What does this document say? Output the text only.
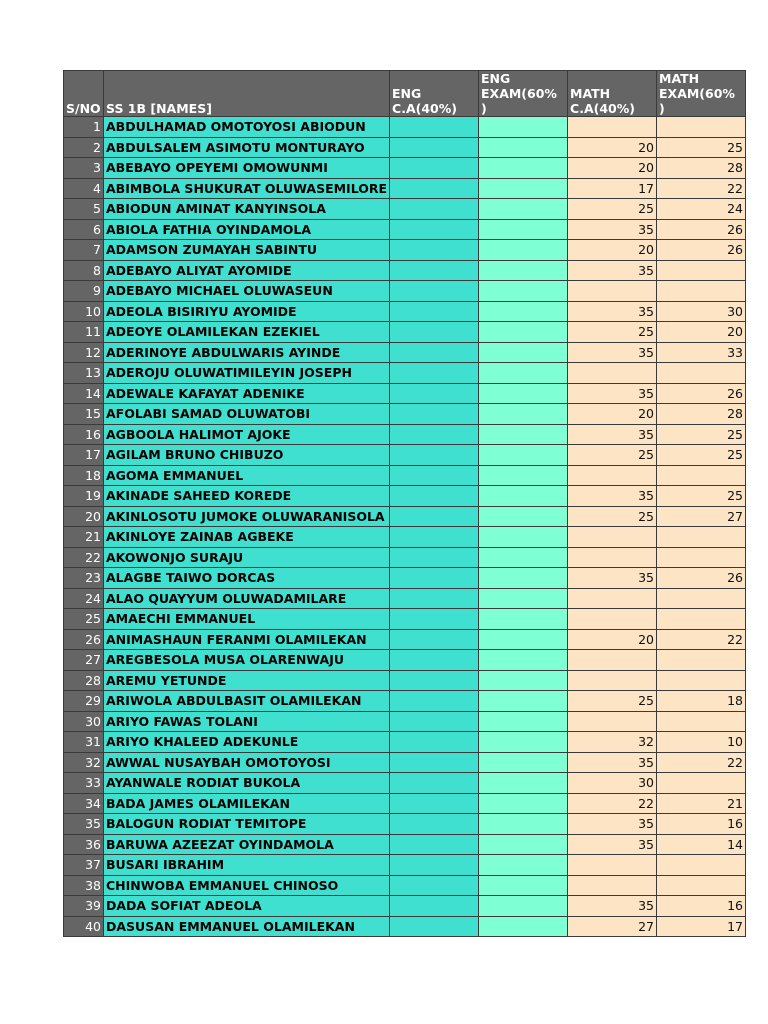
S/NO	SS 1B [NAMES]	ENG C.A(40%)	ENG EXAM(60% )	MATH C.A(40%)	MATH EXAM(60% )
1	ABDULHAMAD OMOTOYOSI ABIODUN				
2	ABDULSALEM ASIMOTU MONTURAYO			20	25
3	ABEBAYO OPEYEMI OMOWUNMI			20	28
4	ABIMBOLA SHUKURAT OLUWASEMILORE			17	22
5	ABIODUN AMINAT KANYINSOLA			25	24
6	ABIOLA FATHIA OYINDAMOLA			35	26
7	ADAMSON ZUMAYAH SABINTU			20	26
8	ADEBAYO ALIYAT AYOMIDE			35	
9	ADEBAYO MICHAEL OLUWASEUN				
10	ADEOLA BISIRIYU AYOMIDE			35	30
11	ADEOYE OLAMILEKAN EZEKIEL			25	20
12	ADERINOYE ABDULWARIS AYINDE			35	33
13	ADEROJU OLUWATIMILEYIN JOSEPH				
14	ADEWALE KAFAYAT ADENIKE			35	26
15	AFOLABI SAMAD OLUWATOBI			20	28
16	AGBOOLA HALIMOT AJOKE			35	25
17	AGILAM BRUNO CHIBUZO			25	25
18	AGOMA EMMANUEL				
19	AKINADE SAHEED KOREDE			35	25
20	AKINLOSOTU JUMOKE OLUWARANISOLA			25	27
21	AKINLOYE ZAINAB AGBEKE				
22	AKOWONJO SURAJU				
23	ALAGBE TAIWO DORCAS			35	26
24	ALAO QUAYYUM OLUWADAMILARE				
25	AMAECHI EMMANUEL				
26	ANIMASHAUN FERANMI OLAMILEKAN			20	22
27	AREGBESOLA MUSA OLARENWAJU				
28	AREMU YETUNDE				
29	ARIWOLA ABDULBASIT OLAMILEKAN			25	18
30	ARIYO FAWAS TOLANI				
31	ARIYO KHALEED ADEKUNLE			32	10
32	AWWAL NUSAYBAH OMOTOYOSI			35	22
33	AYANWALE RODIAT BUKOLA			30	
34	BADA JAMES OLAMILEKAN			22	21
35	BALOGUN RODIAT TEMITOPE			35	16
36	BARUWA AZEEZAT OYINDAMOLA			35	14
37	BUSARI IBRAHIM				
38	CHINWOBA EMMANUEL CHINOSO				
39	DADA SOFIAT ADEOLA			35	16
40	DASUSAN EMMANUEL OLAMILEKAN			27	17
